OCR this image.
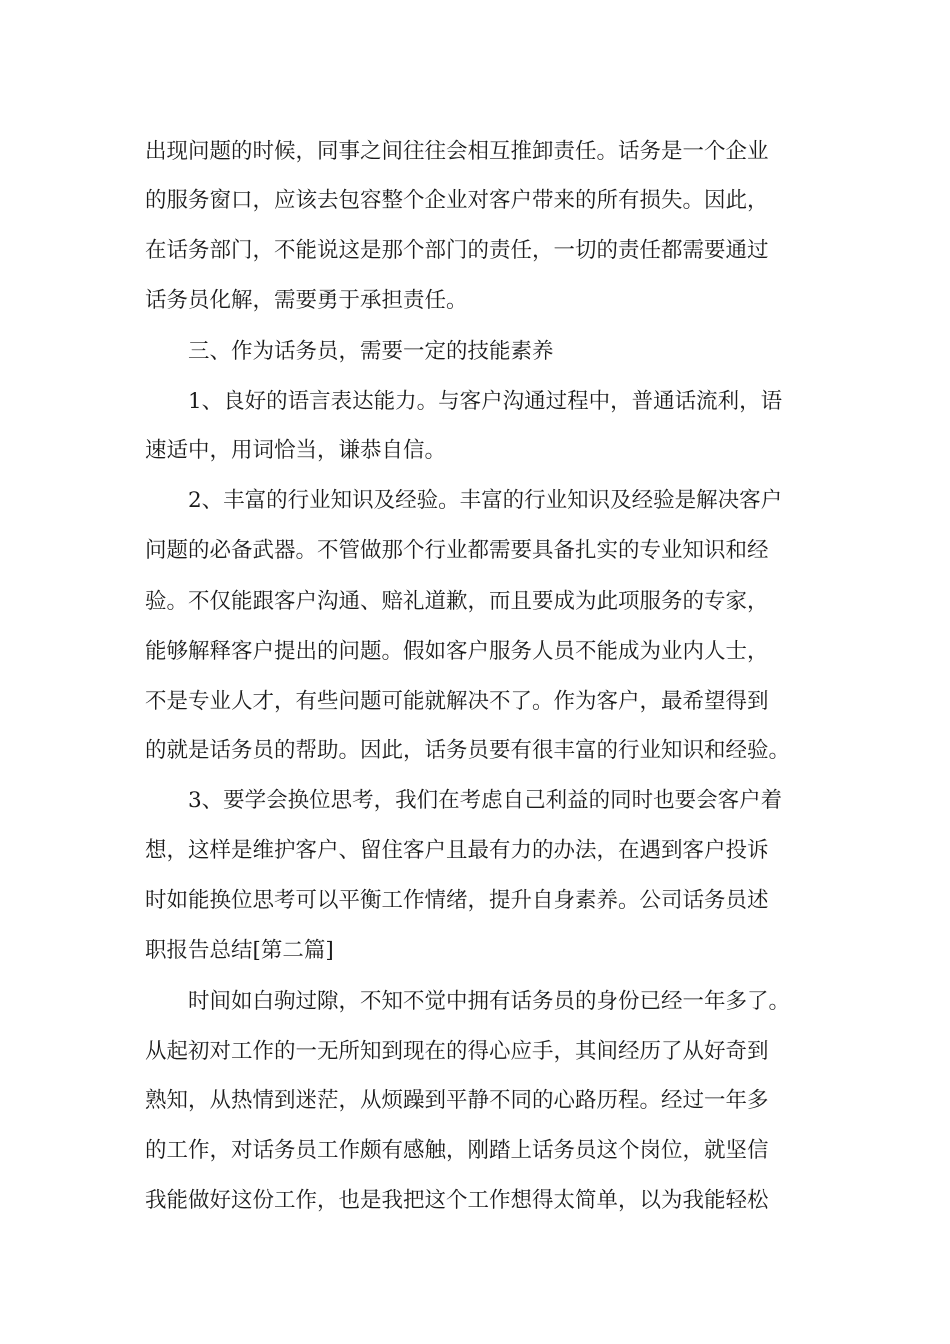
出现问题的时候，同事之间往往会相互推卸责任。话务是一个企业
的服务窗口，应该去包容整个企业对客户带来的所有损失。因此，
在话务部门，不能说这是那个部门的责任，一切的责任都需要通过
话务员化解，需要勇于承担责任。
三、作为话务员，需要一定的技能素养
1、良好的语言表达能力。与客户沟通过程中，普通话流利，语
速适中，用词恰当，谦恭自信。
2、丰富的行业知识及经验。丰富的行业知识及经验是解决客户
问题的必备武器。不管做那个行业都需要具备扎实的专业知识和经
验。不仅能跟客户沟通、赔礼道歉，而且要成为此项服务的专家，
能够解释客户提出的问题。假如客户服务人员不能成为业内人士，
不是专业人才，有些问题可能就解决不了。作为客户，最希望得到
的就是话务员的帮助。因此，话务员要有很丰富的行业知识和经验。
3、要学会换位思考，我们在考虑自己利益的同时也要会客户着
想，这样是维护客户、留住客户且最有力的办法，在遇到客户投诉
时如能换位思考可以平衡工作情绪，提升自身素养。公司话务员述
职报告总结[第二篇]
时间如白驹过隙，不知不觉中拥有话务员的身份已经一年多了。
从起初对工作的一无所知到现在的得心应手，其间经历了从好奇到
熟知，从热情到迷茫，从烦躁到平静不同的心路历程。经过一年多
的工作，对话务员工作颇有感触，刚踏上话务员这个岗位，就坚信
我能做好这份工作，也是我把这个工作想得太简单，以为我能轻松
